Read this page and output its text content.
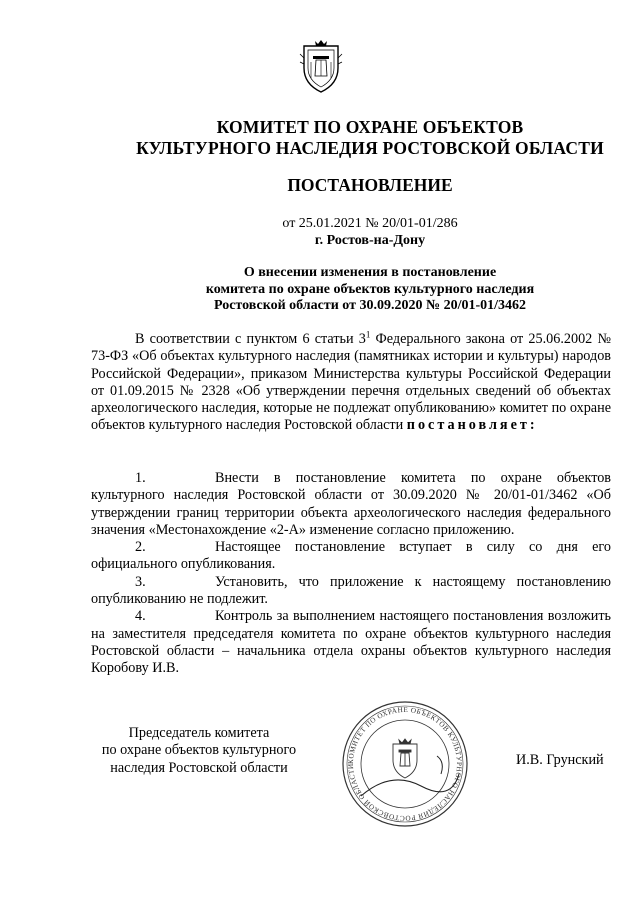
КОМИТЕТ ПО ОХРАНЕ ОБЪЕКТОВ
КУЛЬТУРНОГО НАСЛЕДИЯ РОСТОВСКОЙ ОБЛАСТИ
ПОСТАНОВЛЕНИЕ
от 25.01.2021 № 20/01-01/286
г. Ростов-на-Дону
О внесении изменения в постановление
комитета по охране объектов культурного наследия
Ростовской области от 30.09.2020 № 20/01-01/3462

В соответствии с пунктом 6 статьи $3^1$ Федерального закона от 25.06.2002 № 73-ФЗ «Об объектах культурного наследия (памятниках истории и культуры) народов Российской Федерации», приказом Министерства культуры Российской Федерации от 01.09.2015 № 2328 «Об утверждении перечня отдельных сведений об объектах археологического наследия, которые не подлежат опубликованию» комитет по охране объектов культурного наследия Ростовской области постановляет:

1.	Внести в постановление комитета по охране объектов культурного наследия Ростовской области от 30.09.2020 № 20/01-01/3462 «Об утверждении границ территории объекта археологического наследия федерального значения «Местонахождение «2-А» изменение согласно приложению.

2.	Настоящее постановление вступает в силу со дня его официального опубликования.

3.	Установить, что приложение к настоящему постановлению опубликованию не подлежит.

4.	Контроль за выполнением настоящего постановления возложить на заместителя председателя комитета по охране объектов культурного наследия Ростовской области – начальника отдела охраны объектов культурного наследия Коробову И.В.

Председатель комитета
по охране объектов культурного
наследия Ростовской области	КОМИТЕТ ПО ОХРАНЕ ОБЪЕКТОВ КУЛЬТУРНОГО НАСЛЕДИЯ РОСТОВСКОЙ ОБЛАСТИ	И.В. Грунский
